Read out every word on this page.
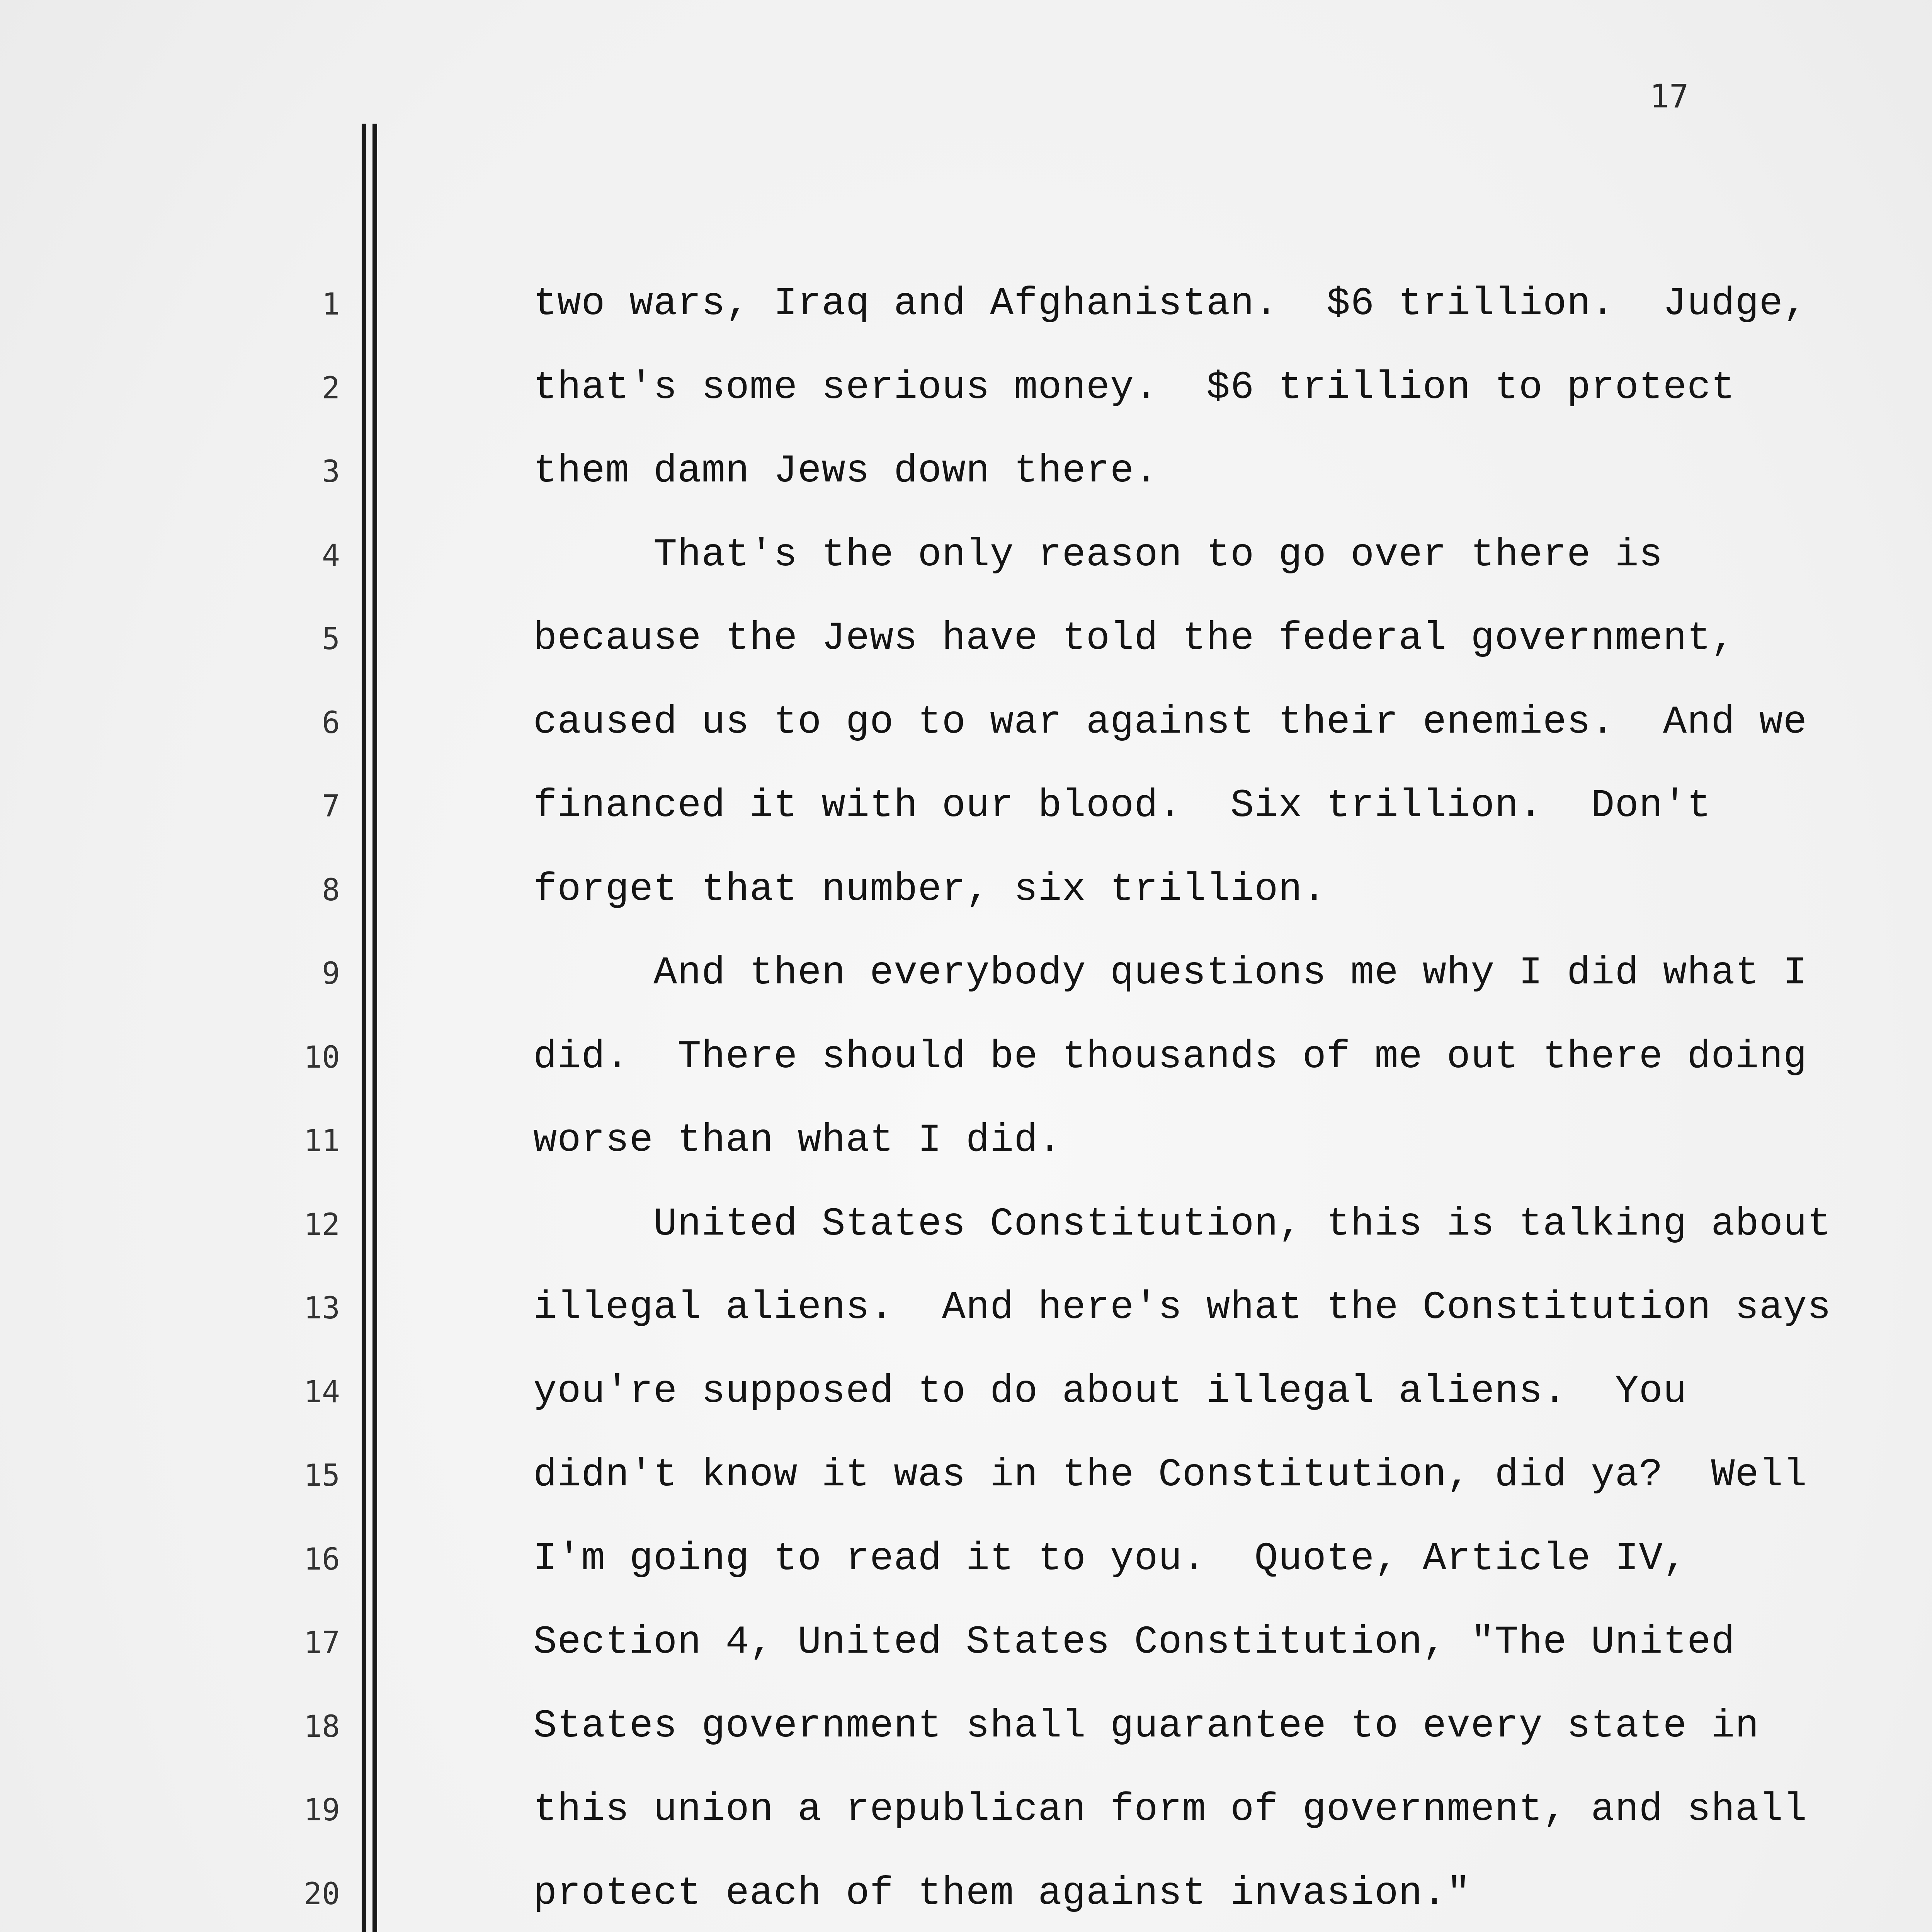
17
1
2
3
4
5
6
7
8
9
10
11
12
13
14
15
16
17
18
19
20
two wars, Iraq and Afghanistan.  $6 trillion.  Judge,
that's some serious money.  $6 trillion to protect
them damn Jews down there.
That's the only reason to go over there is
because the Jews have told the federal government,
caused us to go to war against their enemies.  And we
financed it with our blood.  Six trillion.  Don't
forget that number, six trillion.
And then everybody questions me why I did what I
did.  There should be thousands of me out there doing
worse than what I did.
United States Constitution, this is talking about
illegal aliens.  And here's what the Constitution says
you're supposed to do about illegal aliens.  You
didn't know it was in the Constitution, did ya?  Well
I'm going to read it to you.  Quote, Article IV,
Section 4, United States Constitution, "The United
States government shall guarantee to every state in
this union a republican form of government, and shall
protect each of them against invasion."
